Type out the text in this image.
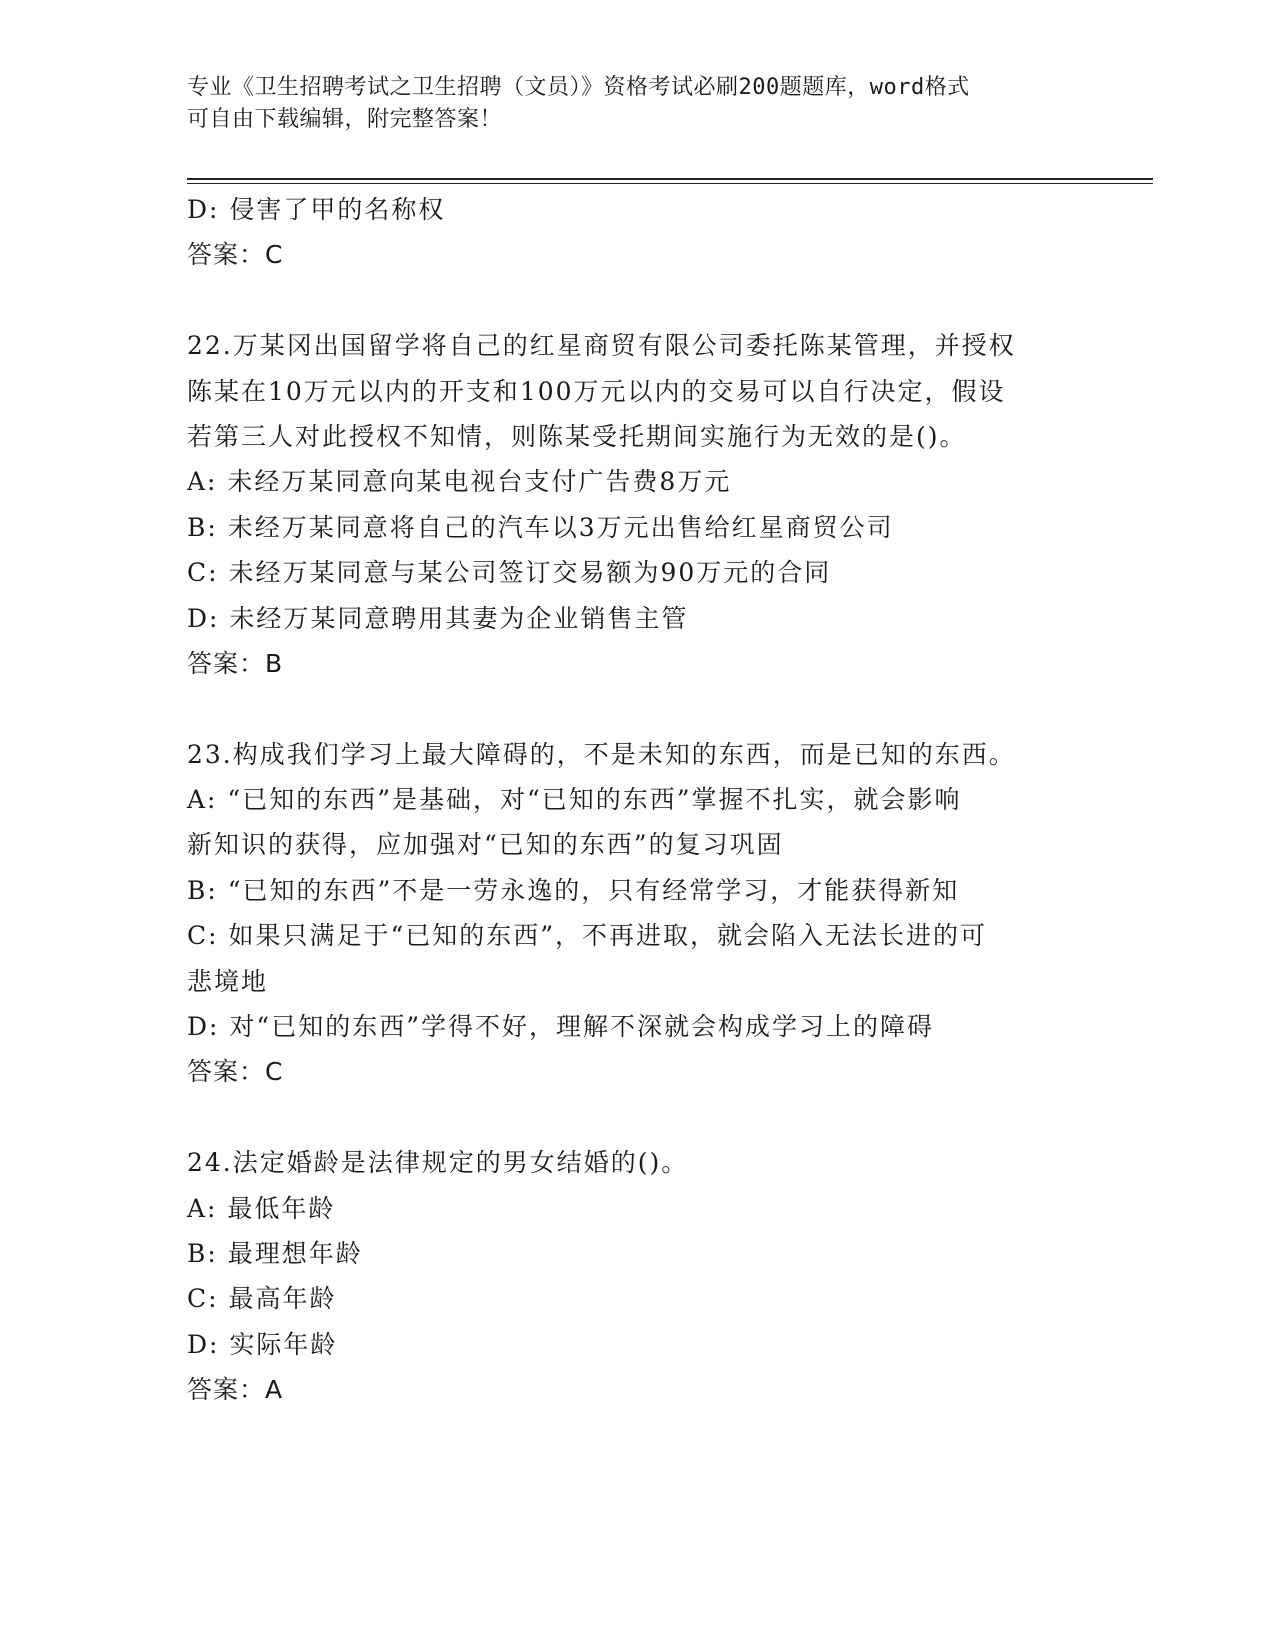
专业《卫生招聘考试之卫生招聘（文员）》资格考试必刷200题题库，word格式
可自由下载编辑，附完整答案！
D: 侵害了甲的名称权
答案：C
22.万某冈出国留学将自己的红星商贸有限公司委托陈某管理，并授权
陈某在10万元以内的开支和100万元以内的交易可以自行决定，假设
若第三人对此授权不知情，则陈某受托期间实施行为无效的是()。
A: 未经万某同意向某电视台支付广告费8万元
B: 未经万某同意将自己的汽车以3万元出售给红星商贸公司
C: 未经万某同意与某公司签订交易额为90万元的合同
D: 未经万某同意聘用其妻为企业销售主管
答案：B
23.构成我们学习上最大障碍的，不是未知的东西，而是已知的东西。
A: “已知的东西”是基础，对“已知的东西”掌握不扎实，就会影响
新知识的获得，应加强对“已知的东西”的复习巩固
B: “已知的东西”不是一劳永逸的，只有经常学习，才能获得新知
C: 如果只满足于“已知的东西”，不再进取，就会陷入无法长进的可
悲境地
D: 对“已知的东西”学得不好，理解不深就会构成学习上的障碍
答案：C
24.法定婚龄是法律规定的男女结婚的()。
A: 最低年龄
B: 最理想年龄
C: 最高年龄
D: 实际年龄
答案：A
